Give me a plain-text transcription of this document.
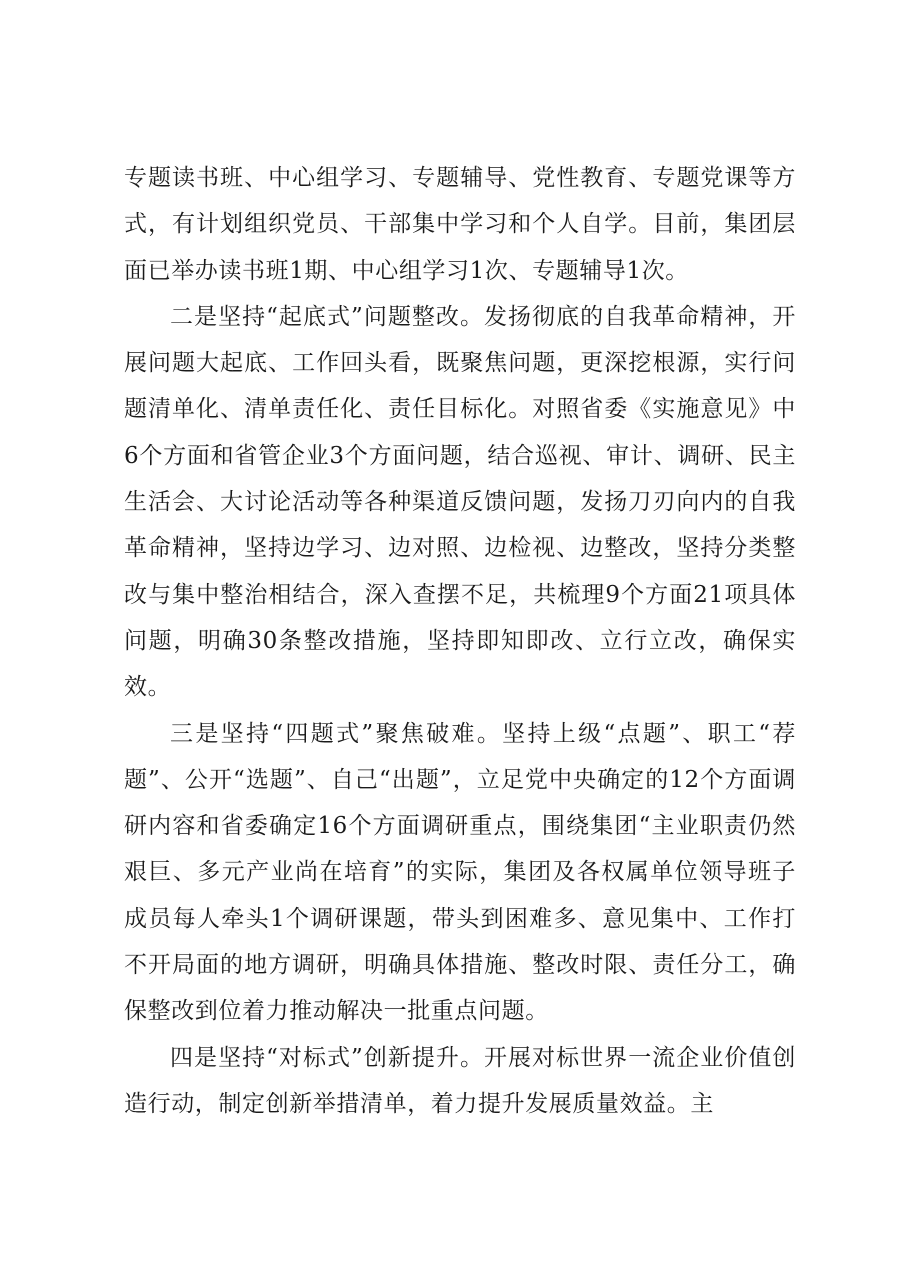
专题读书班、中心组学习、专题辅导、党性教育、专题党课等方式，有计划组织党员、干部集中学习和个人自学。目前，集团层面已举办读书班1期、中心组学习1次、专题辅导1次。

二是坚持“起底式”问题整改。发扬彻底的自我革命精神，开展问题大起底、工作回头看，既聚焦问题，更深挖根源，实行问题清单化、清单责任化、责任目标化。对照省委《实施意见》中6个方面和省管企业3个方面问题，结合巡视、审计、调研、民主生活会、大讨论活动等各种渠道反馈问题，发扬刀刃向内的自我革命精神，坚持边学习、边对照、边检视、边整改，坚持分类整改与集中整治相结合，深入查摆不足，共梳理9个方面21项具体问题，明确30条整改措施，坚持即知即改、立行立改，确保实效。

三是坚持“四题式”聚焦破难。坚持上级“点题”、职工“荐题”、公开“选题”、自己“出题”，立足党中央确定的12个方面调研内容和省委确定16个方面调研重点，围绕集团“主业职责仍然艰巨、多元产业尚在培育”的实际，集团及各权属单位领导班子成员每人牵头1个调研课题，带头到困难多、意见集中、工作打不开局面的地方调研，明确具体措施、整改时限、责任分工，确保整改到位着力推动解决一批重点问题。

四是坚持“对标式”创新提升。开展对标世界一流企业价值创造行动，制定创新举措清单，着力提升发展质量效益。主
